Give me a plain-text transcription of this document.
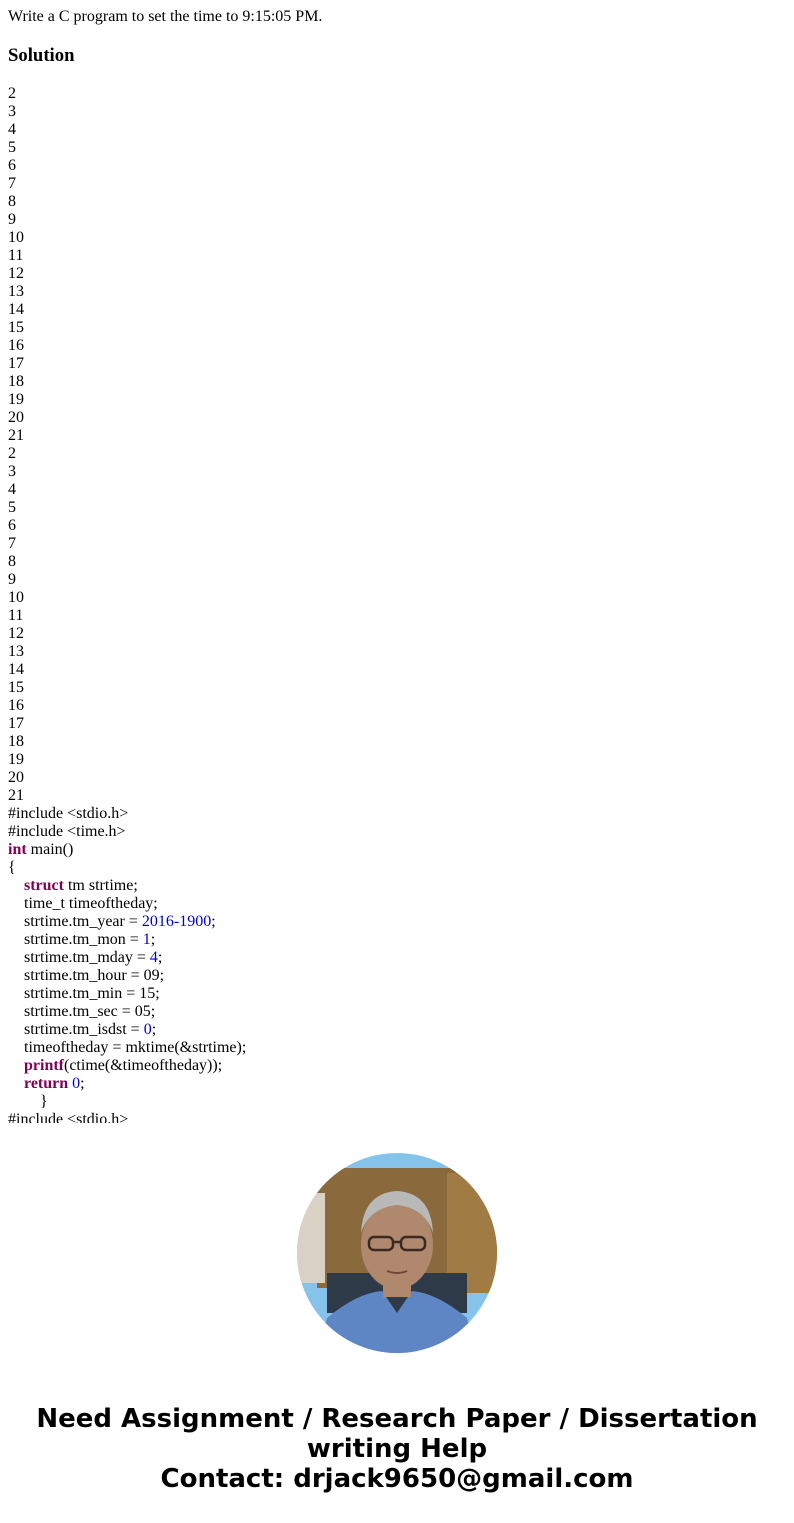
Write a C program to set the time to 9:15:05 PM.

Solution
2
3
4
5
6
7
8
9
10
11
12
13
14
15
16
17
18
19
20
21
2
3
4
5
6
7
8
9
10
11
12
13
14
15
16
17
18
19
20
21
#include <stdio.h>
#include <time.h>
int main()
{
struct tm strtime;
time_t timeoftheday;
strtime.tm_year = 2016-1900;
strtime.tm_mon = 1;
strtime.tm_mday = 4;
strtime.tm_hour = 09;
strtime.tm_min = 15;
strtime.tm_sec = 05;
strtime.tm_isdst = 0;
timeoftheday = mktime(&strtime);
printf(ctime(&timeoftheday));
return 0;
}
#include <stdio.h>
Need Assignment / Research Paper / Dissertation
writing Help
Contact: drjack9650@gmail.com
